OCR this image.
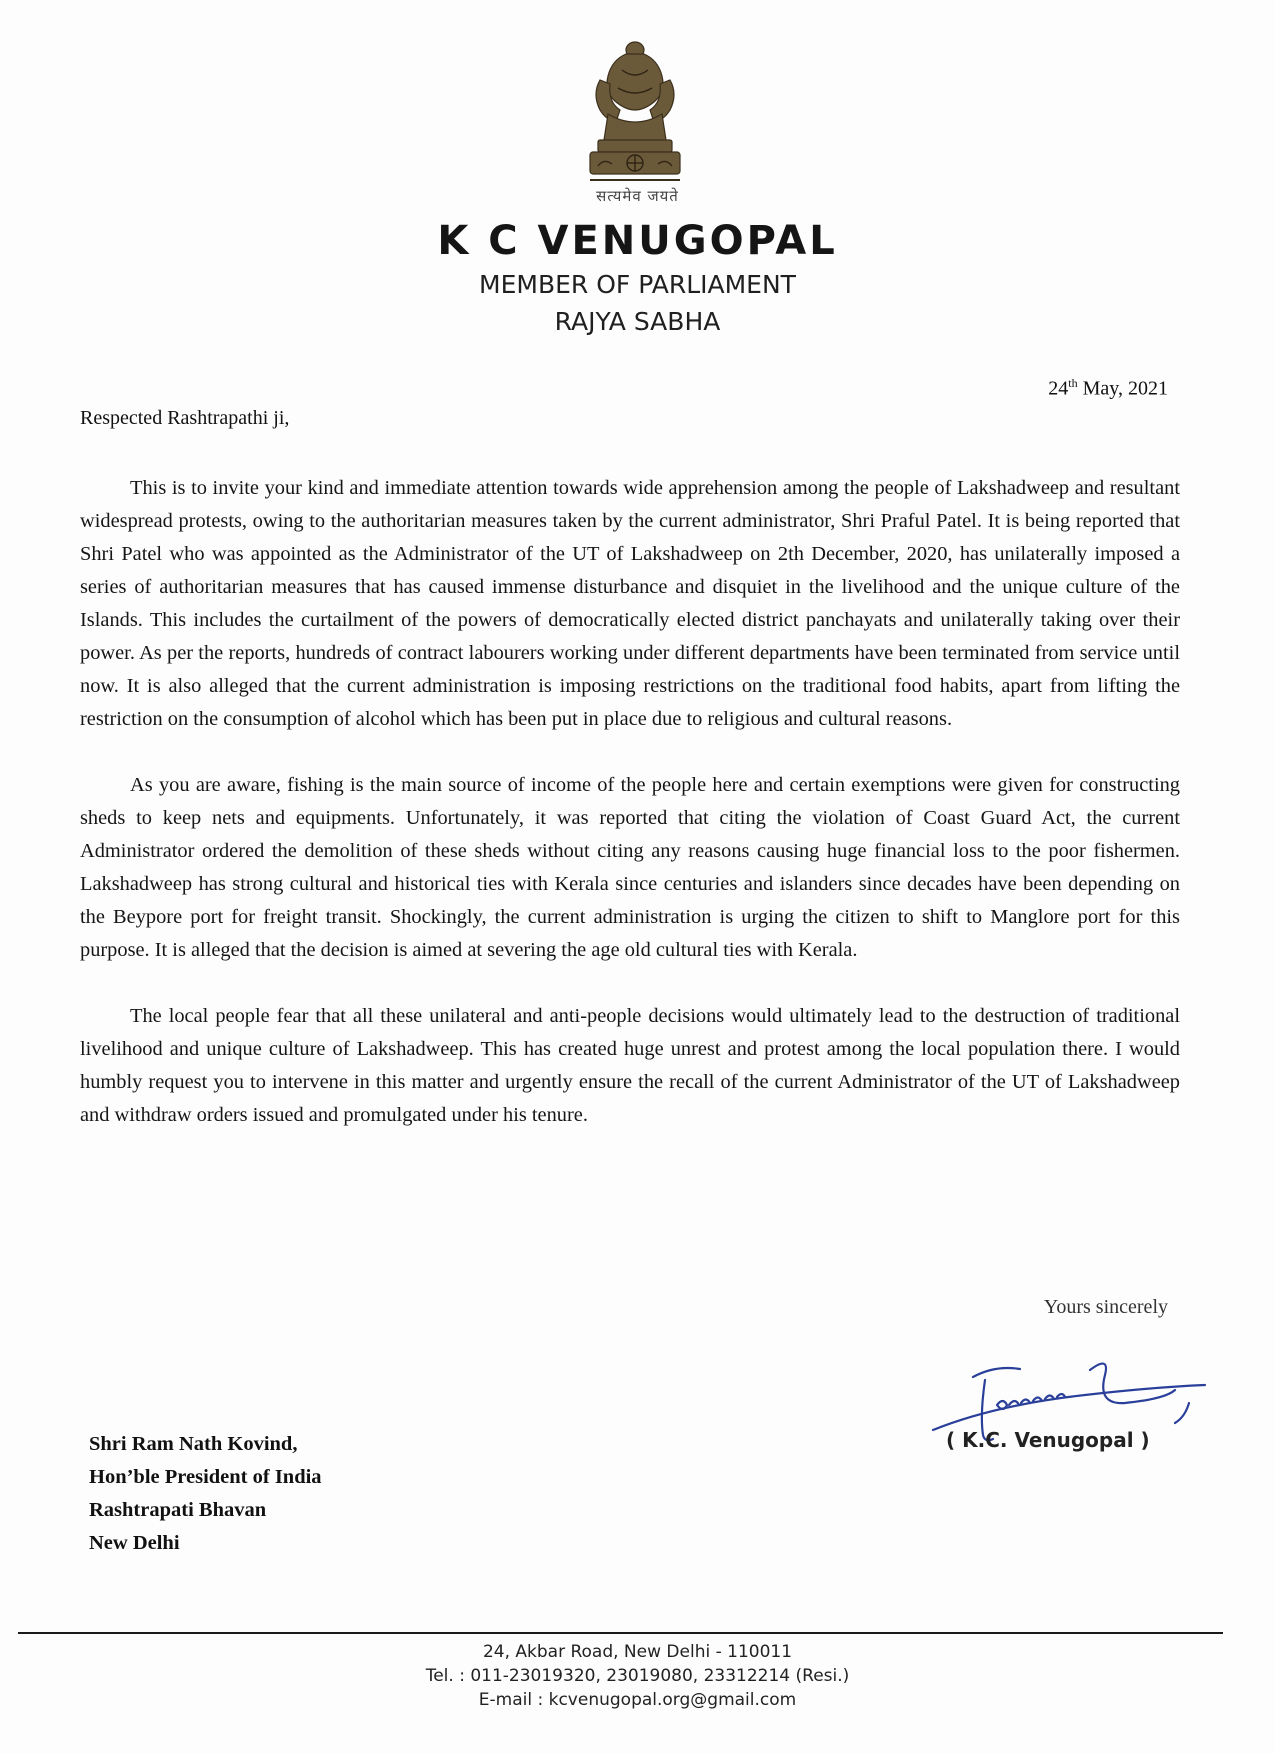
सत्यमेव जयते
K C VENUGOPAL
MEMBER OF PARLIAMENT
RAJYA SABHA
24th May, 2021
Respected Rashtrapathi ji,

This is to invite your kind and immediate attention towards wide apprehension among the people of Lakshadweep and resultant widespread protests, owing to the authoritarian measures taken by the current administrator, Shri Praful Patel. It is being reported that Shri Patel who was appointed as the Administrator of the UT of Lakshadweep on 2th December, 2020, has unilaterally imposed a series of authoritarian measures that has caused immense disturbance and disquiet in the livelihood and the unique culture of the Islands. This includes the curtailment of the powers of democratically elected district panchayats and unilaterally taking over their power. As per the reports, hundreds of contract labourers working under different departments have been terminated from service until now. It is also alleged that the current administration is imposing restrictions on the traditional food habits, apart from lifting the restriction on the consumption of alcohol which has been put in place due to religious and cultural reasons.

As you are aware, fishing is the main source of income of the people here and certain exemptions were given for constructing sheds to keep nets and equipments. Unfortunately, it was reported that citing the violation of Coast Guard Act, the current Administrator ordered the demolition of these sheds without citing any reasons causing huge financial loss to the poor fishermen. Lakshadweep has strong cultural and historical ties with Kerala since centuries and islanders since decades have been depending on the Beypore port for freight transit. Shockingly, the current administration is urging the citizen to shift to Manglore port for this purpose. It is alleged that the decision is aimed at severing the age old cultural ties with Kerala.

The local people fear that all these unilateral and anti-people decisions would ultimately lead to the destruction of traditional livelihood and unique culture of Lakshadweep. This has created huge unrest and protest among the local population there. I would humbly request you to intervene in this matter and urgently ensure the recall of the current Administrator of the UT of Lakshadweep and withdraw orders issued and promulgated under his tenure.

Yours sincerely
( K.C. Venugopal )
Shri Ram Nath Kovind,
Hon’ble President of India
Rashtrapati Bhavan
New Delhi
24, Akbar Road, New Delhi - 110011
Tel. : 011-23019320, 23019080, 23312214 (Resi.)
E-mail : kcvenugopal.org@gmail.com
